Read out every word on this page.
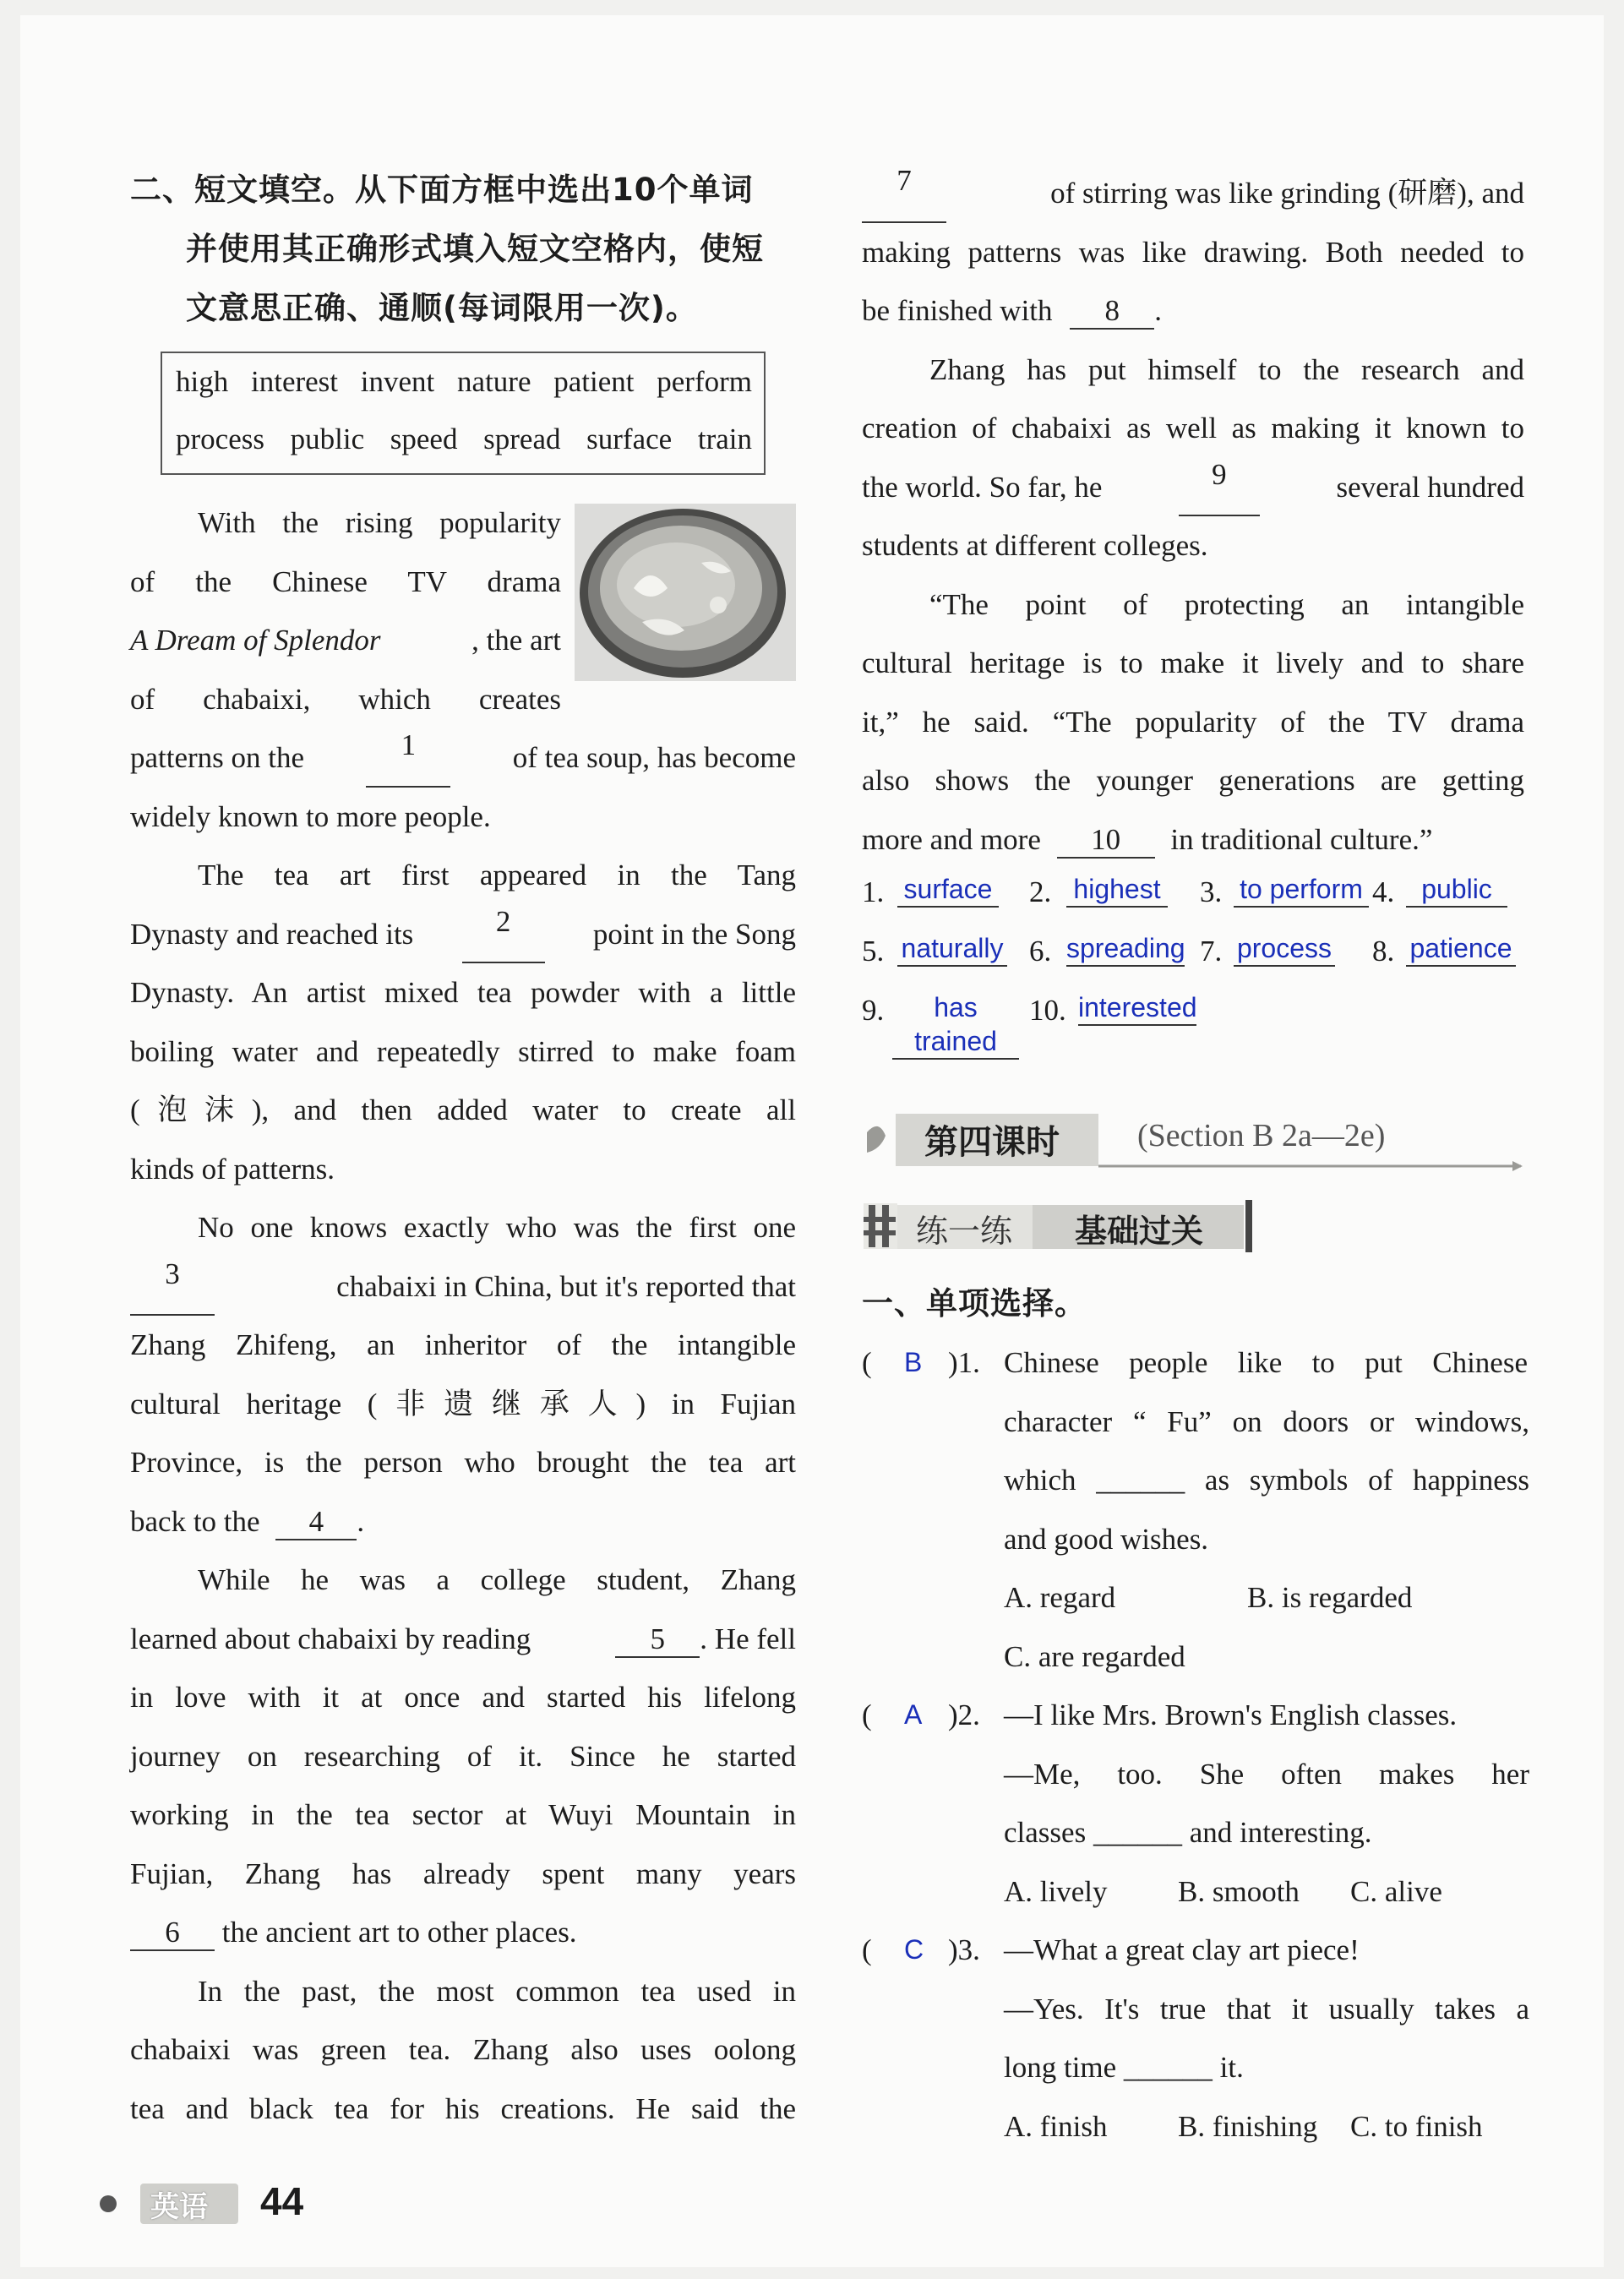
二、短文填空。从下面方框中选出10个单词
并使用其正确形式填入短文空格内，使短
文意思正确、通顺(每词限用一次)。
high interest invent nature patient perform
process public speed spread surface train
With the rising popularity
of the Chinese TV drama
A Dream of Splendor	, the art
of chabaixi, which creates
patterns on the	1	of tea soup, has become
widely known to more people.
The tea art first appeared in the Tang
Dynasty and reached its	2	point in the Song
Dynasty. An artist mixed tea powder with a little
boiling water and repeatedly stirred to make foam
(泡沫), and then added water to create all
kinds of patterns.
No one knows exactly who was the first one
3	chabaixi in China, but it's reported that
Zhang Zhifeng, an inheritor of the intangible
cultural heritage (非遗继承人) in Fujian
Province, is the person who brought the tea art
back to the 4 .
While he was a college student, Zhang
learned about chabaixi by reading	5 . He fell
in love with it at once and started his lifelong
journey on researching of it. Since he started
working in the tea sector at Wuyi Mountain in
Fujian, Zhang has already spent many years
6 the ancient art to other places.
In the past, the most common tea used in
chabaixi was green tea. Zhang also uses oolong
tea and black tea for his creations. He said the
7	of stirring was like grinding (研磨), and
making patterns was like drawing. Both needed to
be finished with 8 .
Zhang has put himself to the research and
creation of chabaixi as well as making it known to
the world. So far, he	9	several hundred
students at different colleges.
“The point of protecting an intangible
cultural heritage is to make it lively and to share
it,” he said. “The popularity of the TV drama
also shows the younger generations are getting
more and more 10 in traditional culture.”
1. surface 2. highest 3. to perform 4. public
5. naturally 6. spreading 7. process 8. patience
9.	has trained
10. interested
第四课时 (Section B 2a—2e)
练一练 基础过关
一、单项选择。
( B )1. Chinese people like to put Chinese
character “ Fu” on doors or windows,
which ______ as symbols of happiness
and good wishes.
A. regard	B. is regarded
C. are regarded
( A )2. —I like Mrs. Brown's English classes.
—Me, too. She often makes her
classes ______ and interesting.
A. lively B. smooth C. alive
( C )3. —What a great clay art piece!
—Yes. It's true that it usually takes a
long time ______ it.
A. finish B. finishing C. to finish
英语 44
